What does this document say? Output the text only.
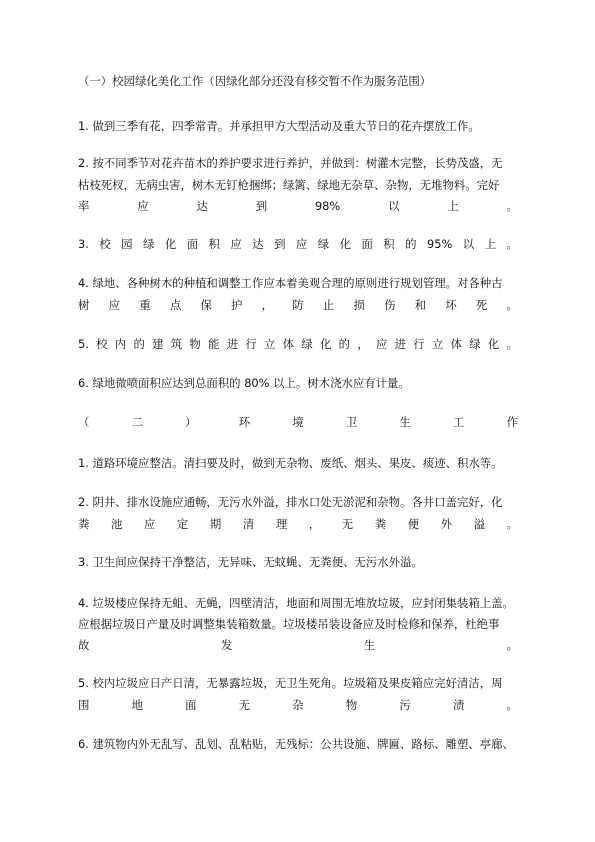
（一）校园绿化美化工作（因绿化部分还没有移交暂不作为服务范围）
1. 做到三季有花，四季常青。并承担甲方大型活动及重大节日的花卉摆放工作。
2. 按不同季节对花卉苗木的养护要求进行养护，并做到：树灌木完整，长势茂盛，无
枯枝死杈，无病虫害，树木无钉枪捆绑；绿篱、绿地无杂草、杂物，无堆物料。完好
率	应	达	到	98%	以	上	。
3. 校 园 绿 化 面 积 应 达 到 应 绿 化 面 积 的 95% 以 上 。
4. 绿地、各种树木的种植和调整工作应本着美观合理的原则进行规划管理。对各种古
树 应 重 点 保 护 ， 防 止 损 伤 和 坏 死 。
5. 校 内 的 建 筑 物 能 进 行 立 体 绿 化 的 ， 应 进 行 立 体 绿 化 。
6. 绿地微喷面积应达到总面积的 80% 以上。树木浇水应有计量。
（	二	）	环	境	卫	生	工	作
1. 道路环境应整洁。清扫要及时，做到无杂物、废纸、烟头、果皮、痰迹、积水等。
2. 阴井、排水设施应通畅，无污水外溢，排水口处无淤泥和杂物。各井口盖完好，化
粪 池 应 定 期 清 理 ， 无 粪 便 外 溢 。
3. 卫生间应保持干净整洁，无异味、无蚊蝇、无粪便、无污水外溢。
4. 垃圾楼应保持无蛆、无蝇，四壁清洁，地面和周围无堆放垃圾，应封闭集装箱上盖。
应根据垃圾日产量及时调整集装箱数量。垃圾楼吊装设备应及时检修和保养，杜绝事
故	发	生	。
5. 校内垃圾应日产日清，无暴露垃圾，无卫生死角。垃圾箱及果皮箱应完好清洁，周
围	地	面	无	杂	物	污	渍	。
6. 建筑物内外无乱写、乱划、乱粘贴，无残标：公共设施、牌匾、路标、雕塑、亭廊、
